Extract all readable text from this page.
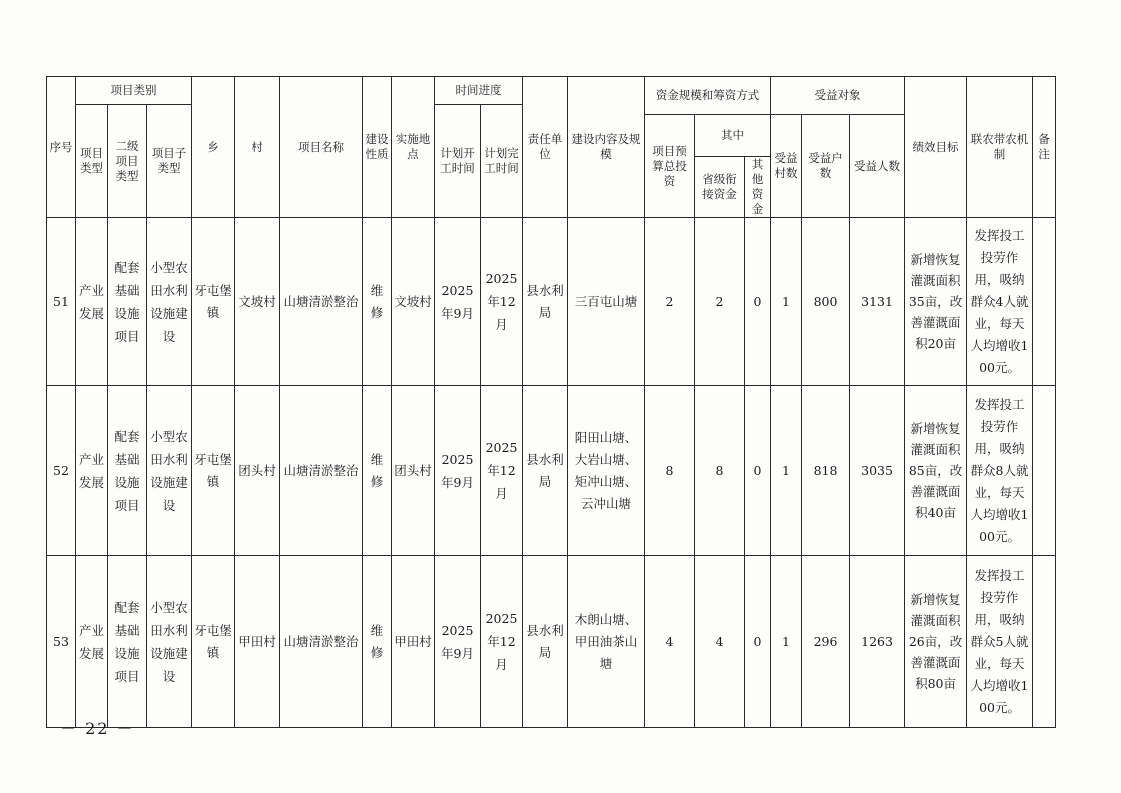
序号	项目类别			乡	村	项目名称	建设性质	实施地点	时间进度		责任单位	建设内容及规模	资金规模和筹资方式			受益对象			绩效目标	联农带农机制	备注
	项目类型	二级项目类型	项目子类型						计划开工时间	计划完工时间											
													项目预算总投资	其中		受益村数	受益户数	受益人数			
														省级衔接资金	其他资金						
51	产业发展	配套基础设施项目	小型农田水利设施建设	牙屯堡镇	文坡村	山塘清淤整治	维修	文坡村	2025年9月	2025年12月	县水利局	三百屯山塘	2	2	0	1	800	3131	新增恢复灌溉面积35亩，改善灌溉面积20亩	发挥投工投劳作用，吸纳群众4人就业，每天人均增收100元。	
52	产业发展	配套基础设施项目	小型农田水利设施建设	牙屯堡镇	团头村	山塘清淤整治	维修	团头村	2025年9月	2025年12月	县水利局	阳田山塘、大岩山塘、矩冲山塘、云冲山塘	8	8	0	1	818	3035	新增恢复灌溉面积85亩，改善灌溉面积40亩	发挥投工投劳作用，吸纳群众8人就业，每天人均增收100元。	
53	产业发展	配套基础设施项目	小型农田水利设施建设	牙屯堡镇	甲田村	山塘清淤整治	维修	甲田村	2025年9月	2025年12月	县水利局	木朗山塘、甲田油茶山塘	4	4	0	1	296	1263	新增恢复灌溉面积26亩，改善灌溉面积80亩	发挥投工投劳作用，吸纳群众5人就业，每天人均增收100元。	
－ 22 －
